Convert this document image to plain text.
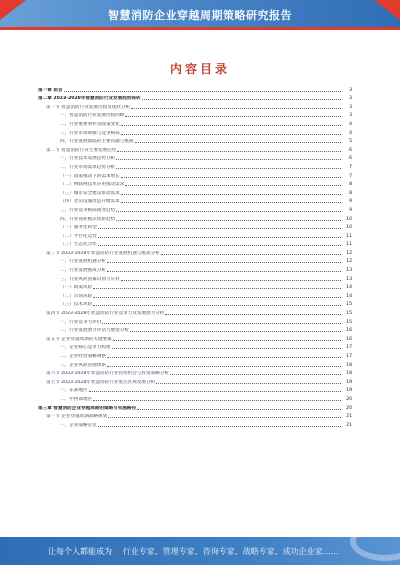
智慧消防企业穿越周期策略研究报告
内容目录
第一章 前言	3
第二章 2023-2028年智慧消防行业发展趋势探析	3
第一节 智慧消防行业发展历程及现状分析	3
一、智慧消防行业发展历程回顾	3
二、行业重要事件及政策变化	4
三、行业市场规模与竞争格局	4
四、行业发展面临的主要问题与挑战	5
第二节 智慧消防行业主要发展趋势	6
一、行业技术发展趋势分析	6
二、行业市场需求趋势分析	7
（一）政策推动下的需求增长	7
（二）物联网技术应用推动需求	8
（三）城市安全建设带动需求	8
（四）老旧设施改造升级需求	9
三、行业竞争格局演变趋势	9
四、行业商业模式创新趋势	10
（一）服务化转型	10
（二）平台化运营	11
（三）生态化合作	11
第三节 2023-2028年智慧消防行业发展机遇与挑战分析	12
一、行业发展机遇分析	12
二、行业发展挑战分析	13
三、行业风险因素识别与应对	13
（一）政策风险	14
（二）市场风险	14
（三）技术风险	15
第四节 2023-2028年智慧消防行业竞争力及发展潜力分析	15
一、行业竞争力评价	15
二、行业发展潜力评估与展望分析	16
第五节 企业穿越周期的关键要素	16
一、企业核心竞争力构建	17
二、企业经营策略调整	17
三、企业风险管理体系	18
第六节 2023-2028年智慧消防行业投资机会与投资策略分析	18
第七节 2023-2028年智慧消防行业重点区域发展分析	19
一、东部地区	19
二、中西部地区	20
第三章 智慧消防企业穿越周期的策略与实施路径	20
第一节 企业穿越周期战略规划	21
一、企业战略定位	21
让每个人都能成为 | 行业专家、管理专家、咨询专家、战略专家、成功企业家……
